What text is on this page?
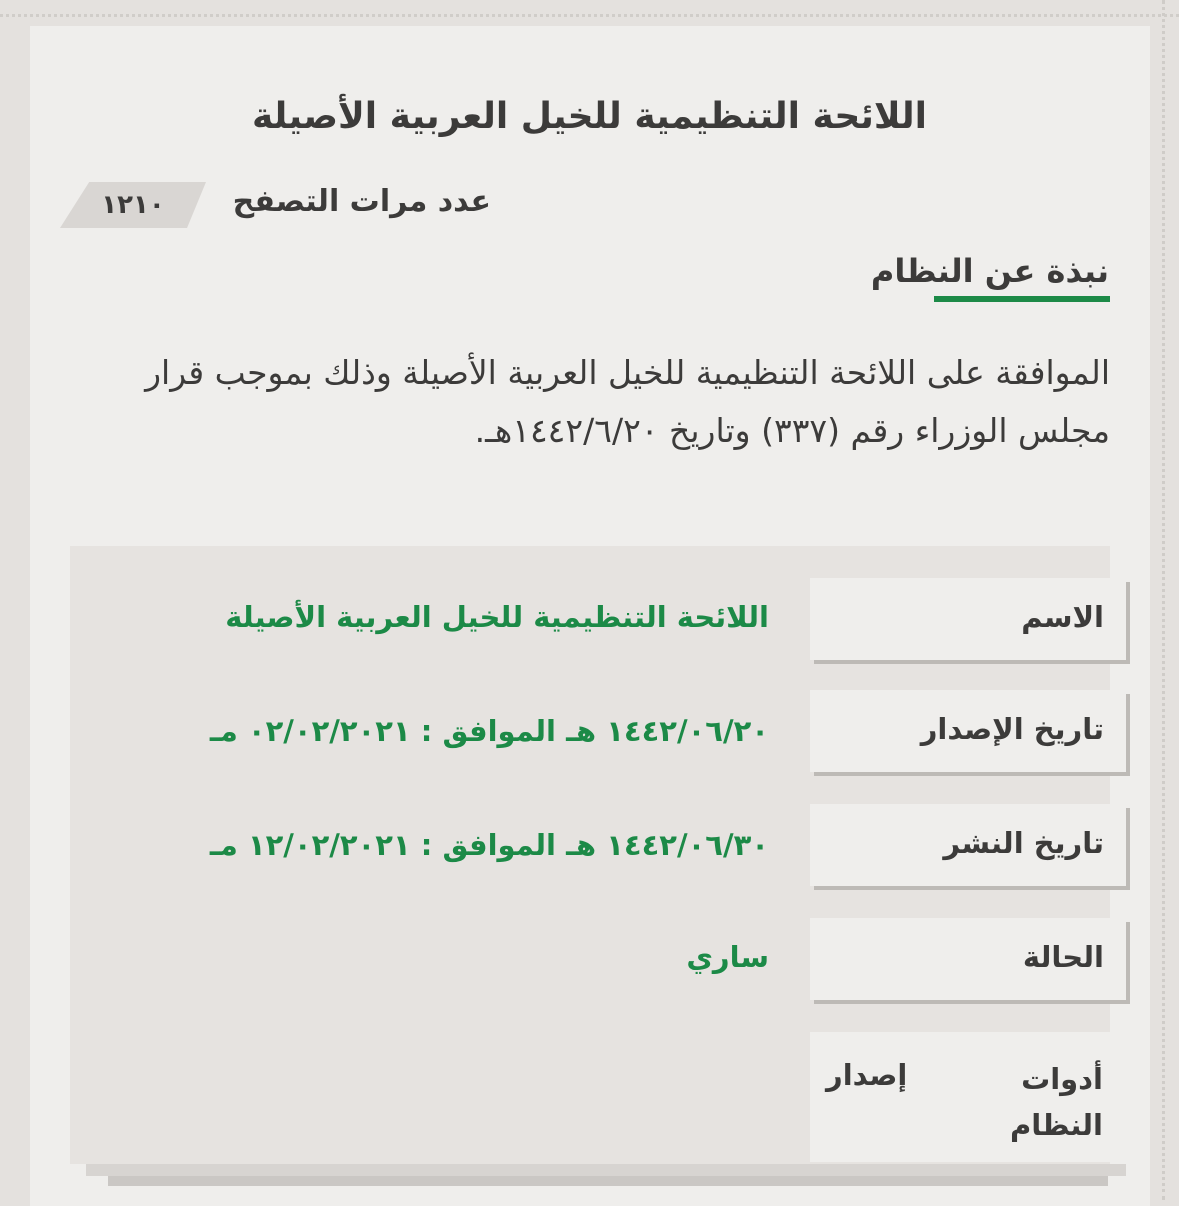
اللائحة التنظيمية للخيل العربية الأصيلة
١٢١٠	عدد مرات التصفح
نبذة عن النظام

الموافقة على اللائحة التنظيمية للخيل العربية الأصيلة وذلك بموجب قرار مجلس الوزراء رقم (٣٣٧) وتاريخ ١٤٤٢/٦/٢٠هـ.

الاسم
اللائحة التنظيمية للخيل العربية الأصيلة
تاريخ الإصدار
١٤٤٢/٠٦/٢٠ هـ الموافق : ٠٢/٠٢/٢٠٢١ مـ
تاريخ النشر
١٤٤٢/٠٦/٣٠ هـ الموافق : ١٢/٠٢/٢٠٢١ مـ
الحالة
ساري
أدوات النظام
إصدار
